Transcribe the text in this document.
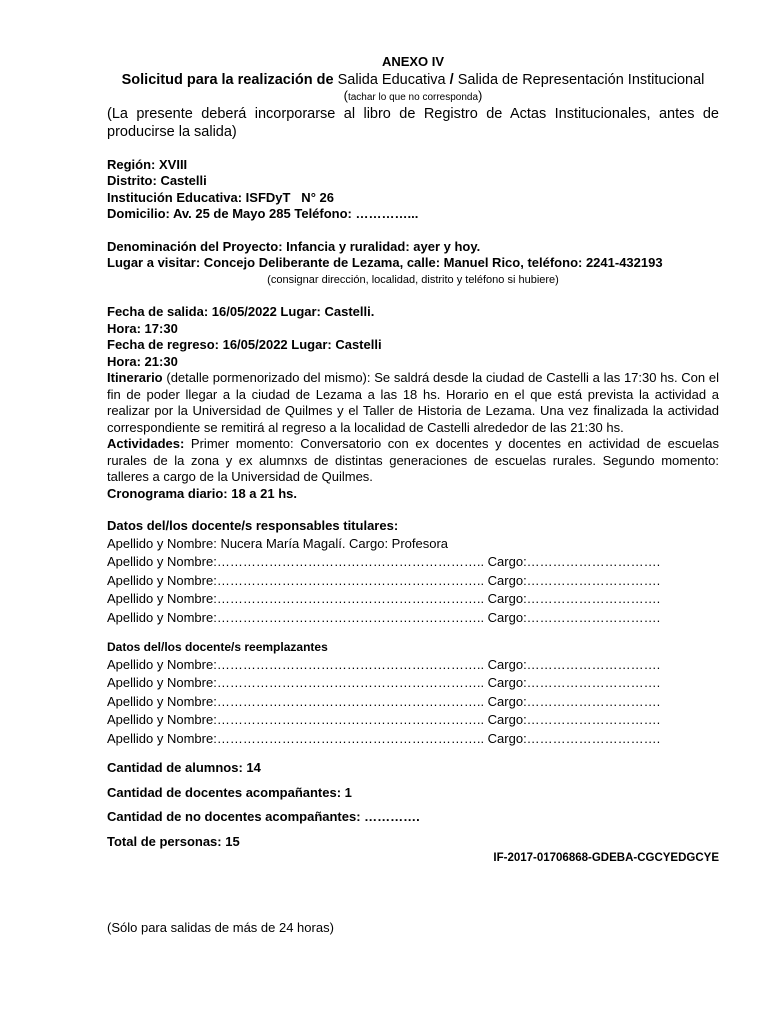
ANEXO IV
Solicitud para la realización de Salida Educativa / Salida de Representación Institucional
(tachar lo que no corresponda)
(La presente deberá incorporarse al libro de Registro de Actas Institucionales, antes de producirse la salida)
Región: XVIII
Distrito: Castelli
Institución Educativa: ISFDyT   N° 26
Domicilio: Av. 25 de Mayo 285 Teléfono: …………...
Denominación del Proyecto: Infancia y ruralidad: ayer y hoy.
Lugar a visitar: Concejo Deliberante de Lezama, calle: Manuel Rico, teléfono: 2241-432193
(consignar dirección, localidad, distrito y teléfono si hubiere)
Fecha de salida: 16/05/2022 Lugar: Castelli.
Hora: 17:30
Fecha de regreso: 16/05/2022 Lugar: Castelli
Hora: 21:30
Itinerario (detalle pormenorizado del mismo): Se saldrá desde la ciudad de Castelli a las 17:30 hs. Con el fin de poder llegar a la ciudad de Lezama a las 18 hs. Horario en el que está prevista la actividad a realizar por la Universidad de Quilmes y el Taller de Historia de Lezama. Una vez finalizada la actividad correspondiente se remitirá al regreso a la localidad de Castelli alrededor de las 21:30 hs.
Actividades: Primer momento: Conversatorio con ex docentes y docentes en actividad de escuelas rurales de la zona y ex alumnxs de distintas generaciones de escuelas rurales. Segundo momento: talleres a cargo de la Universidad de Quilmes.
Cronograma diario: 18 a 21 hs.
Datos del/los docente/s responsables titulares:
Apellido y Nombre: Nucera María Magalí. Cargo: Profesora
Apellido y Nombre:…………………………………………………….. Cargo:………………………….
Apellido y Nombre:…………………………………………………….. Cargo:………………………….
Apellido y Nombre:…………………………………………………….. Cargo:………………………….
Apellido y Nombre:…………………………………………………….. Cargo:………………………….
Datos del/los docente/s reemplazantes
Apellido y Nombre:…………………………………………………….. Cargo:………………………….
Apellido y Nombre:…………………………………………………….. Cargo:………………………….
Apellido y Nombre:…………………………………………………….. Cargo:………………………….
Apellido y Nombre:…………………………………………………….. Cargo:………………………….
Apellido y Nombre:…………………………………………………….. Cargo:………………………….
Cantidad de alumnos: 14
Cantidad de docentes acompañantes: 1
Cantidad de no docentes acompañantes: ………….
Total de personas: 15
IF-2017-01706868-GDEBA-CGCYEDGCYE
(Sólo para salidas de más de 24 horas)
